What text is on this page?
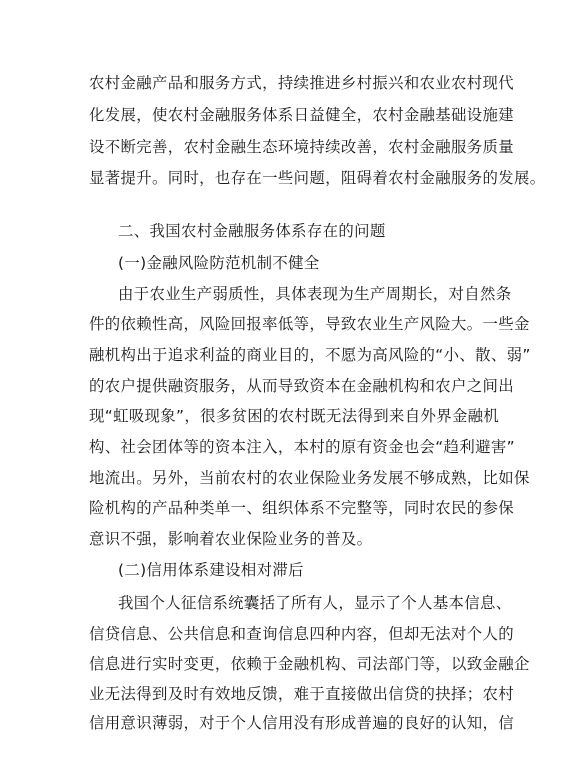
农村金融产品和服务方式，持续推进乡村振兴和农业农村现代
化发展，使农村金融服务体系日益健全，农村金融基础设施建
设不断完善，农村金融生态环境持续改善，农村金融服务质量
显著提升。同时，也存在一些问题，阻碍着农村金融服务的发展。
二、我国农村金融服务体系存在的问题
(一)金融风险防范机制不健全
由于农业生产弱质性，具体表现为生产周期长，对自然条
件的依赖性高，风险回报率低等，导致农业生产风险大。一些金
融机构出于追求利益的商业目的，不愿为高风险的“小、散、弱”
的农户提供融资服务，从而导致资本在金融机构和农户之间出
现“虹吸现象”，很多贫困的农村既无法得到来自外界金融机
构、社会团体等的资本注入，本村的原有资金也会“趋利避害”
地流出。另外，当前农村的农业保险业务发展不够成熟，比如保
险机构的产品种类单一、组织体系不完整等，同时农民的参保
意识不强，影响着农业保险业务的普及。
(二)信用体系建设相对滞后
我国个人征信系统囊括了所有人，显示了个人基本信息、
信贷信息、公共信息和查询信息四种内容，但却无法对个人的
信息进行实时变更，依赖于金融机构、司法部门等，以致金融企
业无法得到及时有效地反馈，难于直接做出信贷的抉择；农村
信用意识薄弱，对于个人信用没有形成普遍的良好的认知，信
